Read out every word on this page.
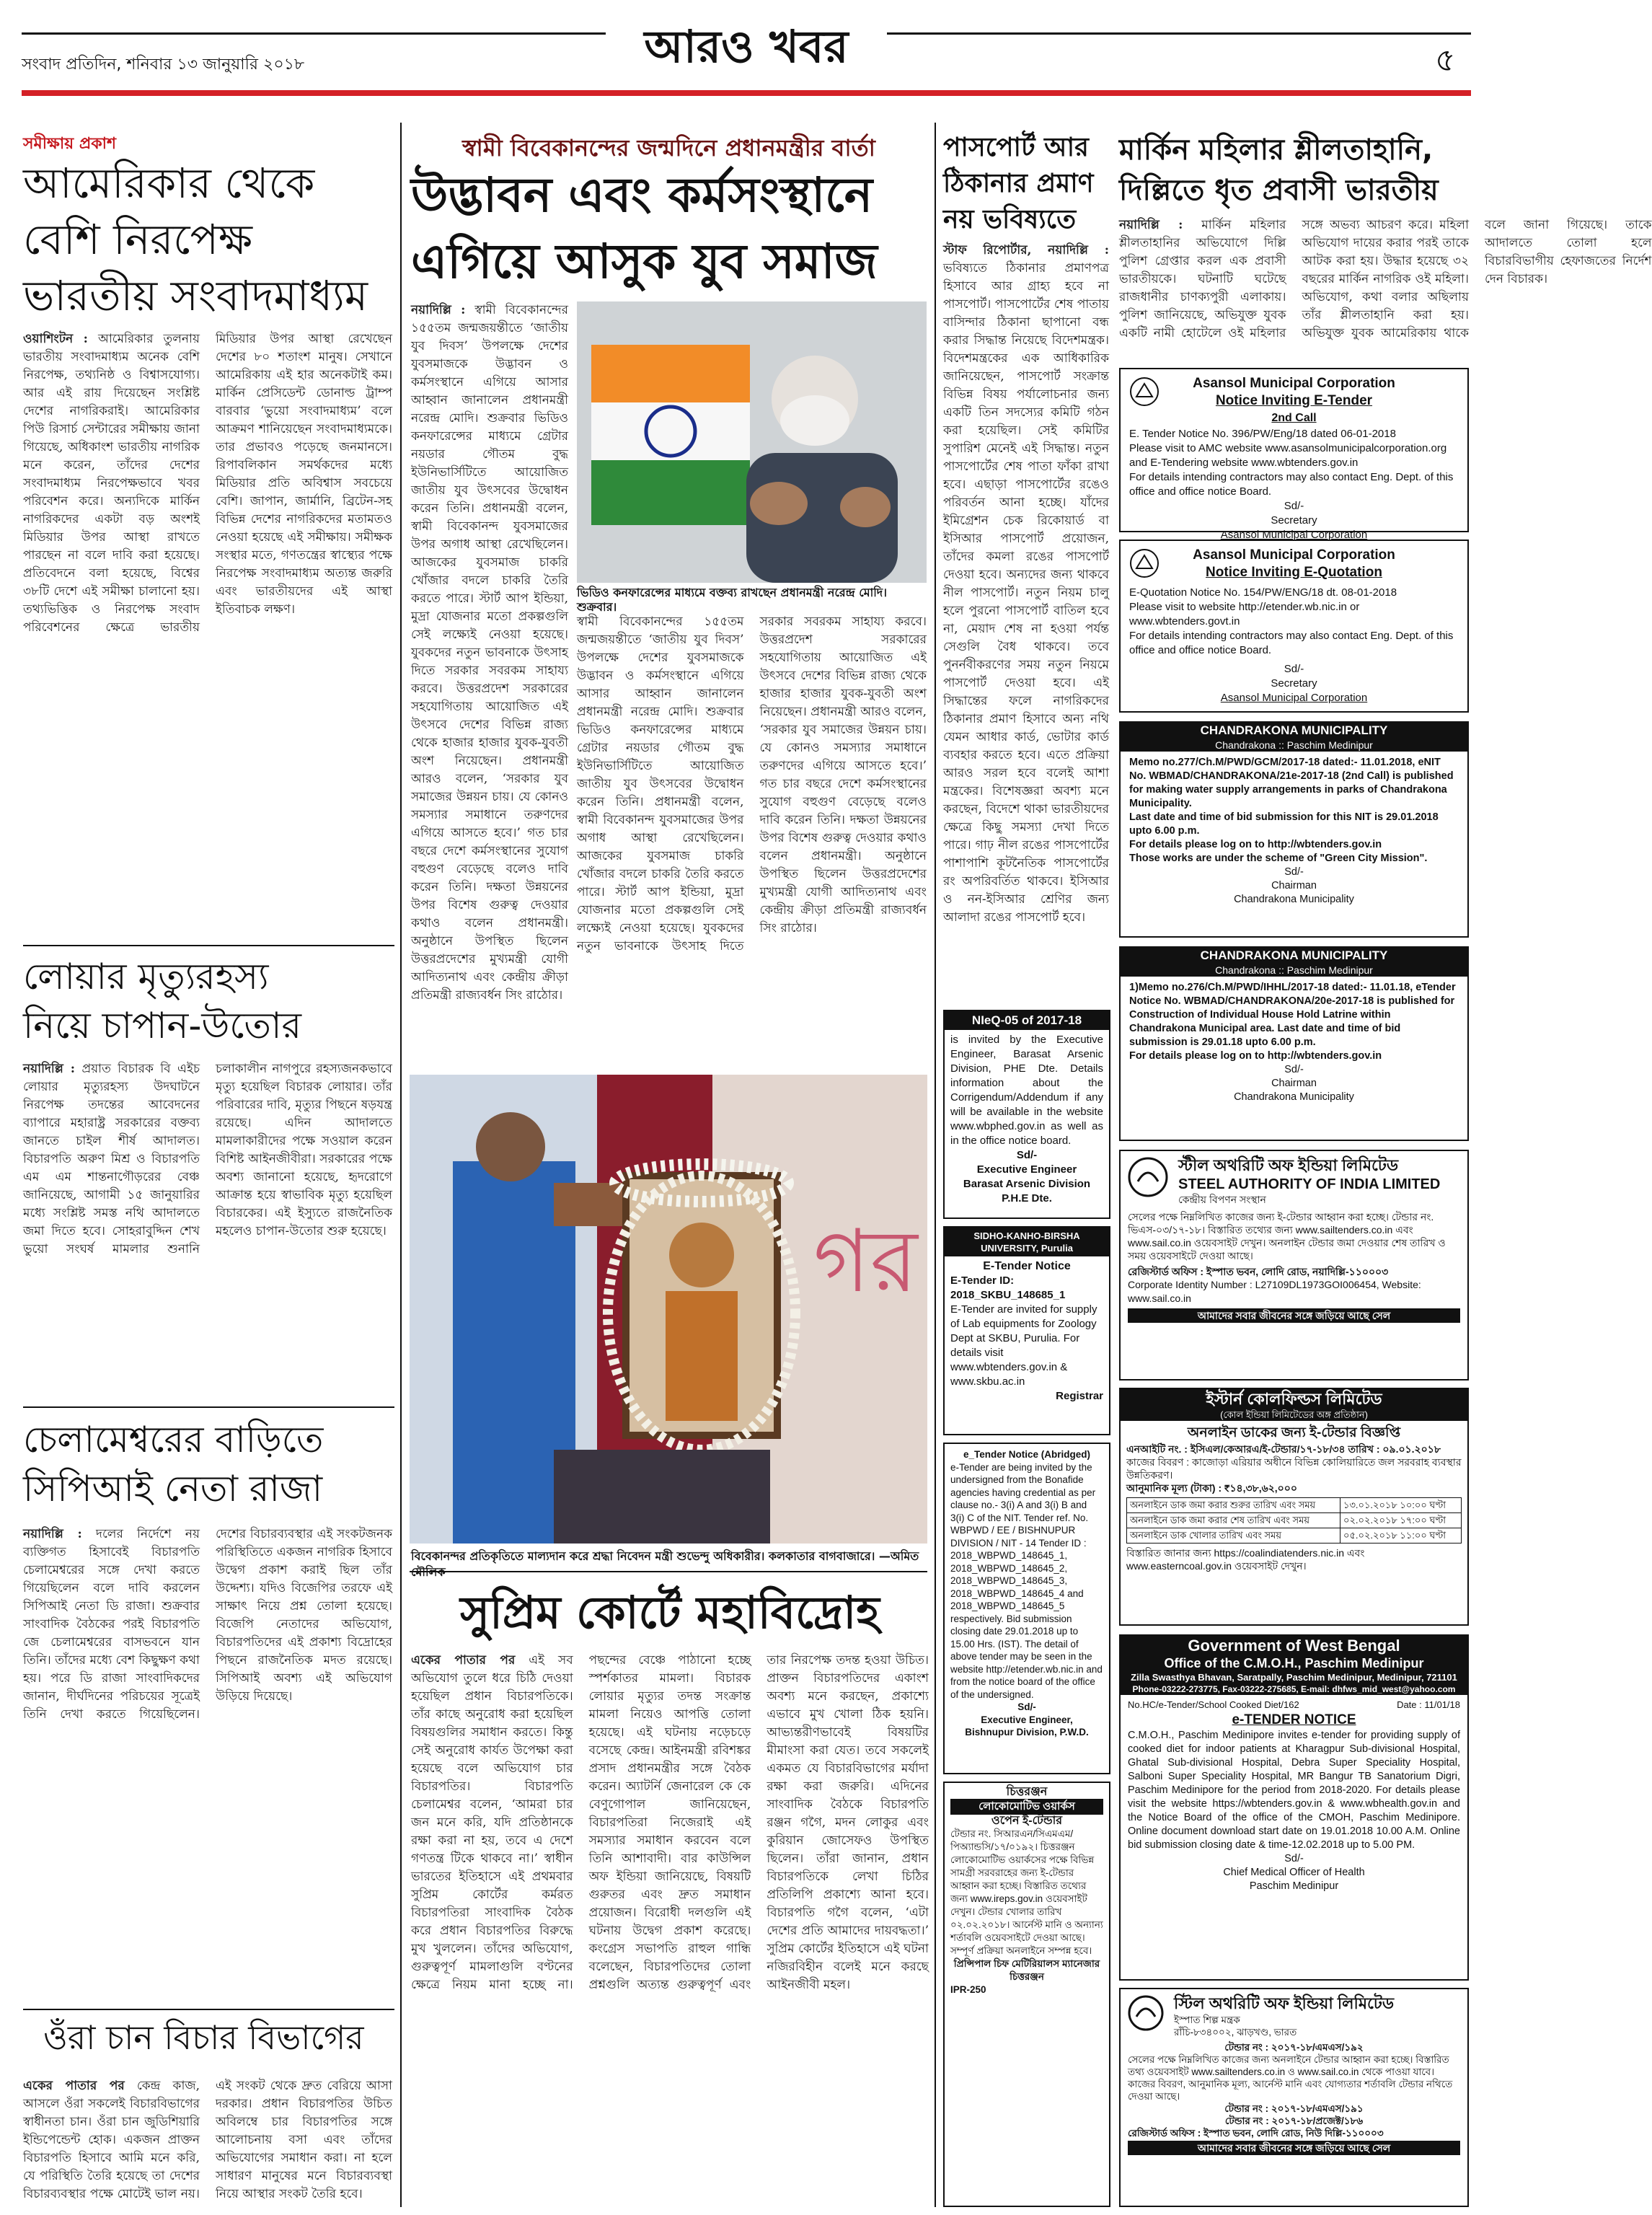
সংবাদ প্রতিদিন, শনিবার ১৩ জানুয়ারি ২০১৮	আরও খবর	৫
সমীক্ষায় প্রকাশ
আমেরিকার থেকে
বেশি নিরপেক্ষ
ভারতীয় সংবাদমাধ্যম
ওয়াশিংটন : আমেরিকার তুলনায় ভারতীয় সংবাদমাধ্যম অনেক বেশি নিরপেক্ষ, তথ্যনিষ্ঠ ও বিশ্বাসযোগ্য। আর এই রায় দিয়েছেন সংশ্লিষ্ট দেশের নাগরিকরাই। আমেরিকার পিউ রিসার্চ সেন্টারের সমীক্ষায় জানা গিয়েছে, অধিকাংশ ভারতীয় নাগরিক মনে করেন, তাঁদের দেশের সংবাদমাধ্যম নিরপেক্ষভাবে খবর পরিবেশন করে। অন্যদিকে মার্কিন নাগরিকদের একটা বড় অংশই মিডিয়ার উপর আস্থা রাখতে পারছেন না বলে দাবি করা হয়েছে। প্রতিবেদনে বলা হয়েছে, বিশ্বের ৩৮টি দেশে এই সমীক্ষা চালানো হয়। তথ্যভিত্তিক ও নিরপেক্ষ সংবাদ পরিবেশনের ক্ষেত্রে ভারতীয় মিডিয়ার উপর আস্থা রেখেছেন দেশের ৮০ শতাংশ মানুষ। সেখানে আমেরিকায় এই হার অনেকটাই কম। মার্কিন প্রেসিডেন্ট ডোনাল্ড ট্রাম্প বারবার ‘ভুয়ো সংবাদমাধ্যম’ বলে আক্রমণ শানিয়েছেন সংবাদমাধ্যমকে। তার প্রভাবও পড়েছে জনমানসে। রিপাবলিকান সমর্থকদের মধ্যে মিডিয়ার প্রতি অবিশ্বাস সবচেয়ে বেশি। জাপান, জার্মানি, ব্রিটেন-সহ বিভিন্ন দেশের নাগরিকদের মতামতও নেওয়া হয়েছে এই সমীক্ষায়। সমীক্ষক সংস্থার মতে, গণতন্ত্রের স্বাস্থ্যের পক্ষে নিরপেক্ষ সংবাদমাধ্যম অত্যন্ত জরুরি এবং ভারতীয়দের এই আস্থা ইতিবাচক লক্ষণ।
লোয়ার মৃত্যুরহস্য
নিয়ে চাপান-উতোর
নয়াদিল্লি : প্রয়াত বিচারক বি এইচ লোয়ার মৃত্যুরহস্য উদঘাটনে নিরপেক্ষ তদন্তের আবেদনের ব্যাপারে মহারাষ্ট্র সরকারের বক্তব্য জানতে চাইল শীর্ষ আদালত। বিচারপতি অরুণ মিশ্র ও বিচারপতি এম এম শান্তনাগৌড়রের বেঞ্চ জানিয়েছে, আগামী ১৫ জানুয়ারির মধ্যে সংশ্লিষ্ট সমস্ত নথি আদালতে জমা দিতে হবে। সোহরাবুদ্দিন শেখ ভুয়ো সংঘর্ষ মামলার শুনানি চলাকালীন নাগপুরে রহস্যজনকভাবে মৃত্যু হয়েছিল বিচারক লোয়ার। তাঁর পরিবারের দাবি, মৃত্যুর পিছনে ষড়যন্ত্র রয়েছে। এদিন আদালতে মামলাকারীদের পক্ষে সওয়াল করেন বিশিষ্ট আইনজীবীরা। সরকারের পক্ষে অবশ্য জানানো হয়েছে, হৃদরোগে আক্রান্ত হয়ে স্বাভাবিক মৃত্যু হয়েছিল বিচারকের। এই ইস্যুতে রাজনৈতিক মহলেও চাপান-উতোর শুরু হয়েছে।
চেলামেশ্বরের বাড়িতে
সিপিআই নেতা রাজা
নয়াদিল্লি : দলের নির্দেশে নয় ব্যক্তিগত হিসাবেই বিচারপতি চেলামেশ্বরের সঙ্গে দেখা করতে গিয়েছিলেন বলে দাবি করলেন সিপিআই নেতা ডি রাজা। শুক্রবার সাংবাদিক বৈঠকের পরই বিচারপতি জে চেলামেশ্বরের বাসভবনে যান তিনি। তাঁদের মধ্যে বেশ কিছুক্ষণ কথা হয়। পরে ডি রাজা সাংবাদিকদের জানান, দীর্ঘদিনের পরিচয়ের সূত্রেই তিনি দেখা করতে গিয়েছিলেন। দেশের বিচারব্যবস্থার এই সংকটজনক পরিস্থিতিতে একজন নাগরিক হিসাবে উদ্বেগ প্রকাশ করাই ছিল তাঁর উদ্দেশ্য। যদিও বিজেপির তরফে এই সাক্ষাৎ নিয়ে প্রশ্ন তোলা হয়েছে। বিজেপি নেতাদের অভিযোগ, বিচারপতিদের এই প্রকাশ্য বিদ্রোহের পিছনে রাজনৈতিক মদত রয়েছে। সিপিআই অবশ্য এই অভিযোগ উড়িয়ে দিয়েছে।
ওঁরা চান বিচার বিভাগের
একের পাতার পর কেন্দ্র কাজ, আসলে ওঁরা সকলেই বিচারবিভাগের স্বাধীনতা চান। ওঁরা চান জুডিশিয়ারি ইন্ডিপেন্ডেন্ট হোক। একজন প্রাক্তন বিচারপতি হিসাবে আমি মনে করি, যে পরিস্থিতি তৈরি হয়েছে তা দেশের বিচারব্যবস্থার পক্ষে মোটেই ভাল নয়। এই সংকট থেকে দ্রুত বেরিয়ে আসা দরকার। প্রধান বিচারপতির উচিত অবিলম্বে চার বিচারপতির সঙ্গে আলোচনায় বসা এবং তাঁদের অভিযোগের সমাধান করা। না হলে সাধারণ মানুষের মনে বিচারব্যবস্থা নিয়ে আস্থার সংকট তৈরি হবে।
স্বামী বিবেকানন্দের জন্মদিনে প্রধানমন্ত্রীর বার্তা
উদ্ভাবন এবং কর্মসংস্থানে
এগিয়ে আসুক যুব সমাজ
নয়াদিল্লি : স্বামী বিবেকানন্দের ১৫৫তম জন্মজয়ন্তীতে ‘জাতীয় যুব দিবস’ উপলক্ষে দেশের যুবসমাজকে উদ্ভাবন ও কর্মসংস্থানে এগিয়ে আসার আহ্বান জানালেন প্রধানমন্ত্রী নরেন্দ্র মোদি। শুক্রবার ভিডিও কনফারেন্সের মাধ্যমে গ্রেটার নয়ডার গৌতম বুদ্ধ ইউনিভার্সিটিতে আয়োজিত জাতীয় যুব উৎসবের উদ্বোধন করেন তিনি। প্রধানমন্ত্রী বলেন, স্বামী বিবেকানন্দ যুবসমাজের উপর অগাধ আস্থা রেখেছিলেন। আজকের যুবসমাজ চাকরি খোঁজার বদলে চাকরি তৈরি করতে পারে। স্টার্ট আপ ইন্ডিয়া, মুদ্রা যোজনার মতো প্রকল্পগুলি সেই লক্ষ্যেই নেওয়া হয়েছে। যুবকদের নতুন ভাবনাকে উৎসাহ দিতে সরকার সবরকম সাহায্য করবে। উত্তরপ্রদেশ সরকারের সহযোগিতায় আয়োজিত এই উৎসবে দেশের বিভিন্ন রাজ্য থেকে হাজার হাজার যুবক-যুবতী অংশ নিয়েছেন। প্রধানমন্ত্রী আরও বলেন, ‘সরকার যুব সমাজের উন্নয়ন চায়। যে কোনও সমস্যার সমাধানে তরুণদের এগিয়ে আসতে হবে।’ গত চার বছরে দেশে কর্মসংস্থানের সুযোগ বহুগুণ বেড়েছে বলেও দাবি করেন তিনি। দক্ষতা উন্নয়নের উপর বিশেষ গুরুত্ব দেওয়ার কথাও বলেন প্রধানমন্ত্রী। অনুষ্ঠানে উপস্থিত ছিলেন উত্তরপ্রদেশের মুখ্যমন্ত্রী যোগী আদিত্যনাথ এবং কেন্দ্রীয় ক্রীড়া প্রতিমন্ত্রী রাজ্যবর্ধন সিং রাঠোর।
ভিডিও কনফারেন্সের মাধ্যমে বক্তব্য রাখছেন প্রধানমন্ত্রী নরেন্দ্র মোদি। শুক্রবার।
স্বামী বিবেকানন্দের ১৫৫তম জন্মজয়ন্তীতে ‘জাতীয় যুব দিবস’ উপলক্ষে দেশের যুবসমাজকে উদ্ভাবন ও কর্মসংস্থানে এগিয়ে আসার আহ্বান জানালেন প্রধানমন্ত্রী নরেন্দ্র মোদি। শুক্রবার ভিডিও কনফারেন্সের মাধ্যমে গ্রেটার নয়ডার গৌতম বুদ্ধ ইউনিভার্সিটিতে আয়োজিত জাতীয় যুব উৎসবের উদ্বোধন করেন তিনি। প্রধানমন্ত্রী বলেন, স্বামী বিবেকানন্দ যুবসমাজের উপর অগাধ আস্থা রেখেছিলেন। আজকের যুবসমাজ চাকরি খোঁজার বদলে চাকরি তৈরি করতে পারে। স্টার্ট আপ ইন্ডিয়া, মুদ্রা যোজনার মতো প্রকল্পগুলি সেই লক্ষ্যেই নেওয়া হয়েছে। যুবকদের নতুন ভাবনাকে উৎসাহ দিতে সরকার সবরকম সাহায্য করবে। উত্তরপ্রদেশ সরকারের সহযোগিতায় আয়োজিত এই উৎসবে দেশের বিভিন্ন রাজ্য থেকে হাজার হাজার যুবক-যুবতী অংশ নিয়েছেন। প্রধানমন্ত্রী আরও বলেন, ‘সরকার যুব সমাজের উন্নয়ন চায়। যে কোনও সমস্যার সমাধানে তরুণদের এগিয়ে আসতে হবে।’ গত চার বছরে দেশে কর্মসংস্থানের সুযোগ বহুগুণ বেড়েছে বলেও দাবি করেন তিনি। দক্ষতা উন্নয়নের উপর বিশেষ গুরুত্ব দেওয়ার কথাও বলেন প্রধানমন্ত্রী। অনুষ্ঠানে উপস্থিত ছিলেন উত্তরপ্রদেশের মুখ্যমন্ত্রী যোগী আদিত্যনাথ এবং কেন্দ্রীয় ক্রীড়া প্রতিমন্ত্রী রাজ্যবর্ধন সিং রাঠোর।
গর
বিবেকানন্দর প্রতিকৃতিতে মাল্যদান করে শ্রদ্ধা নিবেদন মন্ত্রী শুভেন্দু অধিকারীর। কলকাতার বাগবাজারে। —অমিত
সুপ্রিম কোর্টে মহাবিদ্রোহ
একের পাতার পর এই সব অভিযোগ তুলে ধরে চিঠি দেওয়া হয়েছিল প্রধান বিচারপতিকে। তাঁর কাছে অনুরোধ করা হয়েছিল বিষয়গুলির সমাধান করতে। কিন্তু সেই অনুরোধ কার্যত উপেক্ষা করা হয়েছে বলে অভিযোগ চার বিচারপতির। বিচারপতি চেলামেশ্বর বলেন, ‘আমরা চার জন মনে করি, যদি প্রতিষ্ঠানকে রক্ষা করা না হয়, তবে এ দেশে গণতন্ত্র টিকে থাকবে না।’ স্বাধীন ভারতের ইতিহাসে এই প্রথমবার সুপ্রিম কোর্টের কর্মরত বিচারপতিরা সাংবাদিক বৈঠক করে প্রধান বিচারপতির বিরুদ্ধে মুখ খুললেন। তাঁদের অভিযোগ, গুরুত্বপূর্ণ মামলাগুলি বণ্টনের ক্ষেত্রে নিয়ম মানা হচ্ছে না। পছন্দের বেঞ্চে পাঠানো হচ্ছে স্পর্শকাতর মামলা। বিচারক লোয়ার মৃত্যুর তদন্ত সংক্রান্ত মামলা নিয়েও আপত্তি তোলা হয়েছে। এই ঘটনায় নড়েচড়ে বসেছে কেন্দ্র। আইনমন্ত্রী রবিশঙ্কর প্রসাদ প্রধানমন্ত্রীর সঙ্গে বৈঠক করেন। অ্যাটর্নি জেনারেল কে কে বেণুগোপাল জানিয়েছেন, বিচারপতিরা নিজেরাই এই সমস্যার সমাধান করবেন বলে তিনি আশাবাদী। বার কাউন্সিল অফ ইন্ডিয়া জানিয়েছে, বিষয়টি গুরুতর এবং দ্রুত সমাধান প্রয়োজন। বিরোধী দলগুলি এই ঘটনায় উদ্বেগ প্রকাশ করেছে। কংগ্রেস সভাপতি রাহুল গান্ধি বলেছেন, বিচারপতিদের তোলা প্রশ্নগুলি অত্যন্ত গুরুত্বপূর্ণ এবং তার নিরপেক্ষ তদন্ত হওয়া উচিত। প্রাক্তন বিচারপতিদের একাংশ অবশ্য মনে করছেন, প্রকাশ্যে এভাবে মুখ খোলা ঠিক হয়নি। আভ্যন্তরীণভাবেই বিষয়টির মীমাংসা করা যেত। তবে সকলেই একমত যে বিচারবিভাগের মর্যাদা রক্ষা করা জরুরি। এদিনের সাংবাদিক বৈঠকে বিচারপতি রঞ্জন গগৈ, মদন লোকুর এবং কুরিয়ান জোসেফও উপস্থিত ছিলেন। তাঁরা জানান, প্রধান বিচারপতিকে লেখা চিঠির প্রতিলিপি প্রকাশ্যে আনা হবে। বিচারপতি গগৈ বলেন, ‘এটা দেশের প্রতি আমাদের দায়বদ্ধতা।’ সুপ্রিম কোর্টের ইতিহাসে এই ঘটনা নজিরবিহীন বলেই মনে করছে আইনজীবী মহল।
পাসপোর্ট আর
ঠিকানার প্রমাণ
নয় ভবিষ্যতে
স্টাফ রিপোর্টার, নয়াদিল্লি : ভবিষ্যতে ঠিকানার প্রমাণপত্র হিসাবে আর গ্রাহ্য হবে না পাসপোর্ট। পাসপোর্টের শেষ পাতায় বাসিন্দার ঠিকানা ছাপানো বন্ধ করার সিদ্ধান্ত নিয়েছে বিদেশমন্ত্রক। বিদেশমন্ত্রকের এক আধিকারিক জানিয়েছেন, পাসপোর্ট সংক্রান্ত বিভিন্ন বিষয় পর্যালোচনার জন্য একটি তিন সদস্যের কমিটি গঠন করা হয়েছিল। সেই কমিটির সুপারিশ মেনেই এই সিদ্ধান্ত। নতুন পাসপোর্টের শেষ পাতা ফাঁকা রাখা হবে। এছাড়া পাসপোর্টের রঙেও পরিবর্তন আনা হচ্ছে। যাঁদের ইমিগ্রেশন চেক রিকোয়ার্ড বা ইসিআর পাসপোর্ট প্রয়োজন, তাঁদের কমলা রঙের পাসপোর্ট দেওয়া হবে। অন্যদের জন্য থাকবে নীল পাসপোর্ট। নতুন নিয়ম চালু হলে পুরনো পাসপোর্ট বাতিল হবে না, মেয়াদ শেষ না হওয়া পর্যন্ত সেগুলি বৈধ থাকবে। তবে পুনর্নবীকরণের সময় নতুন নিয়মে পাসপোর্ট দেওয়া হবে। এই সিদ্ধান্তের ফলে নাগরিকদের ঠিকানার প্রমাণ হিসাবে অন্য নথি যেমন আধার কার্ড, ভোটার কার্ড ব্যবহার করতে হবে। এতে প্রক্রিয়া আরও সরল হবে বলেই আশা মন্ত্রকের। বিশেষজ্ঞরা অবশ্য মনে করছেন, বিদেশে থাকা ভারতীয়দের ক্ষেত্রে কিছু সমস্যা দেখা দিতে পারে। গাঢ় নীল রঙের পাসপোর্টের পাশাপাশি কূটনৈতিক পাসপোর্টের রং অপরিবর্তিত থাকবে। ইসিআর ও নন-ইসিআর শ্রেণির জন্য আলাদা রঙের পাসপোর্ট হবে।
মার্কিন মহিলার শ্লীলতাহানি,
দিল্লিতে ধৃত প্রবাসী ভারতীয়
নয়াদিল্লি : মার্কিন মহিলার শ্লীলতাহানির অভিযোগে দিল্লি পুলিশ গ্রেপ্তার করল এক প্রবাসী ভারতীয়কে। ঘটনাটি ঘটেছে রাজধানীর চাণক্যপুরী এলাকায়। পুলিশ জানিয়েছে, অভিযুক্ত যুবক একটি নামী হোটেলে ওই মহিলার সঙ্গে অভব্য আচরণ করে। মহিলা অভিযোগ দায়ের করার পরই তাকে আটক করা হয়। উদ্ধার হয়েছে ৩২ বছরের মার্কিন নাগরিক ওই মহিলা। অভিযোগ, কথা বলার অছিলায় তাঁর শ্লীলতাহানি করা হয়। অভিযুক্ত যুবক আমেরিকায় থাকে বলে জানা গিয়েছে। তাকে আদালতে তোলা হলে বিচারবিভাগীয় হেফাজতের নির্দেশ দেন বিচারক।
Asansol Municipal Corporation
Notice Inviting E-Tender
2nd Call
E. Tender Notice No. 396/PW/Eng/18 dated 06-01-2018
Please visit to AMC website www.asansolmunicipalcorporation.org
and E-Tendering website www.wbtenders.gov.in
For details intending contractors may also contact Eng. Dept. of this office and office notice Board.
Sd/-
Secretary
Asansol Municipal Corporation
Asansol Municipal Corporation
Notice Inviting E-Quotation
E-Quotation Notice No. 154/PW/ENG/18 dt. 08-01-2018
Please visit to website http://etender.wb.nic.in or www.wbtenders.govt.in
For details intending contractors may also contact Eng. Dept. of this office and office notice Board.
Sd/-
Secretary
Asansol Municipal Corporation
CHANDRAKONA MUNICIPALITY
Chandrakona :: Paschim Medinipur
Memo no.277/Ch.M/PWD/GCM/2017-18 dated:- 11.01.2018, eNIT No. WBMAD/CHANDRAKONA/21e-2017-18 (2nd Call) is published for making water supply arrangements in parks of Chandrakona Municipality.
Last date and time of bid submission for this NIT is 29.01.2018 upto 6.00 p.m.
For details please log on to http://wbtenders.gov.in
Those works are under the scheme of "Green City Mission".
Sd/-
Chairman
Chandrakona Municipality
CHANDRAKONA MUNICIPALITY
Chandrakona :: Paschim Medinipur
1)Memo no.276/Ch.M/PWD/IHHL/2017-18 dated:- 11.01.18, eTender Notice No. WBMAD/CHANDRAKONA/20e-2017-18 is published for Construction of Individual House Hold Latrine within Chandrakona Municipal area. Last date and time of bid submission is 29.01.18 upto 6.00 p.m.
For details please log on to http://wbtenders.gov.in
Sd/-
Chairman
Chandrakona Municipality
NIeQ-05 of 2017-18
is invited by the Executive Engineer, Barasat Arsenic Division, PHE Dte. Details information about the Corrigendum/Addendum if any will be available in the website www.wbphed.gov.in as well as in the office notice board.
Sd/-
Executive Engineer
Barasat Arsenic Division
P.H.E Dte.
SIDHO-KANHO-BIRSHA UNIVERSITY, Purulia
E-Tender Notice
E-Tender ID: 2018_SKBU_148685_1
E-Tender are invited for supply of Lab equipments for Zoology Dept at SKBU, Purulia. For details visit www.wbtenders.gov.in & www.skbu.ac.in
Registrar
e_Tender Notice (Abridged)
e-Tender are being invited by the undersigned from the Bonafide agencies having credential as per clause no.- 3(i) A and 3(i) B and 3(i) C of the NIT. Tender ref. No. WBPWD / EE / BISHNUPUR DIVISION / NIT - 14 Tender ID : 2018_WBPWD_148645_1, 2018_WBPWD_148645_2, 2018_WBPWD_148645_3, 2018_WBPWD_148645_4 and 2018_WBPWD_148645_5 respectively. Bid submission closing date 29.01.2018 up to 15.00 Hrs. (IST). The detail of above tender may be seen in the website http://etender.wb.nic.in and from the notice board of the office of the undersigned.
Sd/-
Executive Engineer,
Bishnupur Division, P.W.D.
চিত্তরঞ্জন
লোকোমোটিভ ওয়ার্কস
ওপেন ই-টেন্ডার
টেন্ডার নং. সিআরএন/সিএমএম/পিঅ্যান্ডসি/১৭/০১৯২। চিত্তরঞ্জন লোকোমোটিভ ওয়ার্কসের পক্ষে বিভিন্ন সামগ্রী সরবরাহের জন্য ই-টেন্ডার আহ্বান করা হচ্ছে। বিস্তারিত তথ্যের জন্য www.ireps.gov.in ওয়েবসাইট দেখুন। টেন্ডার খোলার তারিখ ০২.০২.২০১৮। আর্নেস্ট মানি ও অন্যান্য শর্তাবলি ওয়েবসাইটে দেওয়া আছে। সম্পূর্ণ প্রক্রিয়া অনলাইনে সম্পন্ন হবে।
প্রিন্সিপাল চিফ মেটিরিয়ালস ম্যানেজার
চিত্তরঞ্জন
IPR-250
স্টীল অথরিটি অফ ইন্ডিয়া লিমিটেড
STEEL AUTHORITY OF INDIA LIMITED
কেন্দ্রীয় বিপণন সংস্থান
সেলের পক্ষে নিম্নলিখিত কাজের জন্য ই-টেন্ডার আহ্বান করা হচ্ছে। টেন্ডার নং. ভিএস-০৩/১৭-১৮। বিস্তারিত তথ্যের জন্য www.sailtenders.co.in এবং www.sail.co.in ওয়েবসাইট দেখুন। অনলাইন টেন্ডার জমা দেওয়ার শেষ তারিখ ও সময় ওয়েবসাইটে দেওয়া আছে।
রেজিস্টার্ড অফিস : ইস্পাত ভবন, লোদি রোড, নয়াদিল্লি-১১০০০৩
Corporate Identity Number : L27109DL1973GOI006454, Website: www.sail.co.in
আমাদের সবার জীবনের সঙ্গে জড়িয়ে আছে সেল
ইস্টার্ন কোলফিল্ডস লিমিটেড
(কোল ইন্ডিয়া লিমিটেডের অঙ্গ প্রতিষ্ঠান)
অনলাইন ডাকের জন্য ই-টেন্ডার বিজ্ঞপ্তি
এনআইটি নং. : ইসিএল/কেআরএ/ই-টেন্ডার/১৭-১৮/৩৪ তারিখ : ০৯.০১.২০১৮
কাজের বিবরণ : কাজোড়া এরিয়ার অধীনে বিভিন্ন কোলিয়ারিতে জল সরবরাহ ব্যবস্থার উন্নতিকরণ।
আনুমানিক মূল্য (টাকা) : ₹১৪,৩৮,৬২,০০০
অনলাইনে ডাক জমা করার শুরুর তারিখ এবং সময়	১৩.০১.২০১৮ ১০:০০ ঘণ্টা
অনলাইনে ডাক জমা করার শেষ তারিখ এবং সময়	০২.০২.২০১৮ ১৭:০০ ঘণ্টা
অনলাইনে ডাক খোলার তারিখ এবং সময়	০৫.০২.২০১৮ ১১:০০ ঘণ্টা
বিস্তারিত জানার জন্য https://coalindiatenders.nic.in এবং www.easterncoal.gov.in ওয়েবসাইট দেখুন।
Government of West Bengal
Office of the C.M.O.H., Paschim Medinipur
Zilla Swasthya Bhavan, Saratpally, Paschim Medinipur, Medinipur, 721101
Phone-03222-273775, Fax-03222-275685, E-mail: dhfws_mid_west@yahoo.com
No.HC/e-Tender/School Cooked Diet/162	Date : 11/01/18
e-TENDER NOTICE
C.M.O.H., Paschim Medinipore invites e-tender for providing supply of cooked diet for indoor patients at Kharagpur Sub-divisional Hospital, Ghatal Sub-divisional Hospital, Debra Super Speciality Hospital, Salboni Super Speciality Hospital, MR Bangur TB Sanatorium Digri, Paschim Medinipore for the period from 2018-2020. For details please visit the website https://wbtenders.gov.in & www.wbhealth.gov.in and the Notice Board of the office of the CMOH, Paschim Medinipore. Online document download start date on 19.01.2018 10.00 A.M. Online bid submission closing date & time-12.02.2018 up to 5.00 PM.
Sd/-
Chief Medical Officer of Health
Paschim Medinipur
স্টিল অথরিটি অফ ইন্ডিয়া লিমিটেড
ইস্পাত শিল্প মন্ত্রক
রাঁচি-৮৩৪০০২, ঝাড়খণ্ড, ভারত
টেন্ডার নং : ২০১৭-১৮/এমএস/১৯২
সেলের পক্ষে নিম্নলিখিত কাজের জন্য অনলাইনে টেন্ডার আহ্বান করা হচ্ছে। বিস্তারিত তথ্য ওয়েবসাইট www.sailtenders.co.in ও www.sail.co.in থেকে পাওয়া যাবে। কাজের বিবরণ, আনুমানিক মূল্য, আর্নেস্ট মানি এবং যোগ্যতার শর্তাবলি টেন্ডার নথিতে দেওয়া আছে।
টেন্ডার নং : ২০১৭-১৮/এমএস/১৯১
টেন্ডার নং : ২০১৭-১৮/প্রজেক্ট/১৮৬
রেজিস্টার্ড অফিস : ইস্পাত ভবন, লোদি রোড, নিউ দিল্লি-১১০০০৩
আমাদের সবার জীবনের সঙ্গে জড়িয়ে আছে সেল
